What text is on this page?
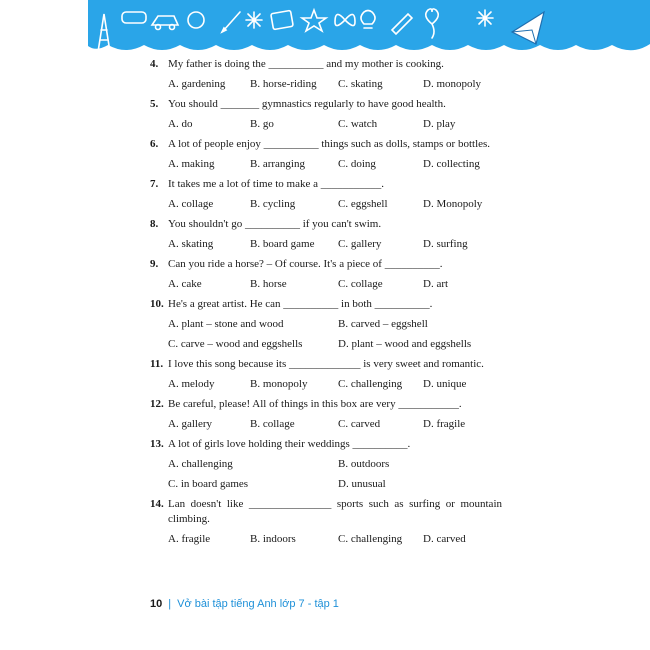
4. My father is doing the __________ and my mother is cooking.
A. gardening	B. horse-riding	C. skating	D. monopoly
5. You should _______ gymnastics regularly to have good health.
A. do	B. go	C. watch	D. play
6. A lot of people enjoy __________ things such as dolls, stamps or bottles.
A. making	B. arranging	C. doing	D. collecting
7. It takes me a lot of time to make a ___________.
A. collage	B. cycling	C. eggshell	D. Monopoly
8. You shouldn't go __________ if you can't swim.
A. skating	B. board game	C. gallery	D. surfing
9. Can you ride a horse? – Of course. It's a piece of __________.
A. cake	B. horse	C. collage	D. art
10. He's a great artist. He can __________ in both __________.
A. plant – stone and wood	B. carved – eggshell
C. carve – wood and eggshells	D. plant – wood and eggshells
11. I love this song because its _____________ is very sweet and romantic.
A. melody	B. monopoly	C. challenging	D. unique
12. Be careful, please! All of things in this box are very ___________.
A. gallery	B. collage	C. carved	D. fragile
13. A lot of girls love holding their weddings __________.
A. challenging	B. outdoors
C. in board games	D. unusual
14. Lan doesn't like _______________ sports such as surfing or mountain climbing.
A. fragile	B. indoors	C. challenging	D. carved
10 | Vở bài tập tiếng Anh lớp 7 - tập 1
